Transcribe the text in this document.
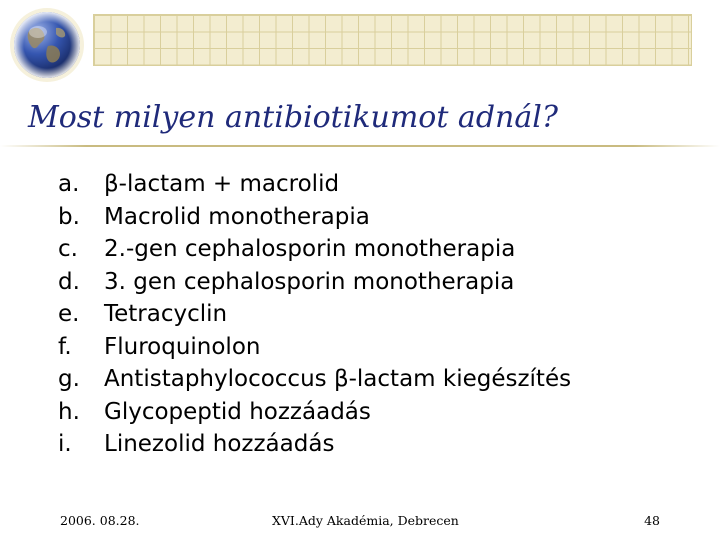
Most milyen antibiotikumot adnál?
a. β-lactam + macrolid
b. Macrolid monotherapia
c. 2.-gen cephalosporin monotherapia
d. 3. gen cephalosporin monotherapia
e. Tetracyclin
f. Fluroquinolon
g. Antistaphylococcus β-lactam kiegészítés
h. Glycopeptid hozzáadás
i. Linezolid hozzáadás
2006. 08.28.	XVI.Ady Akadémia, Debrecen	48
